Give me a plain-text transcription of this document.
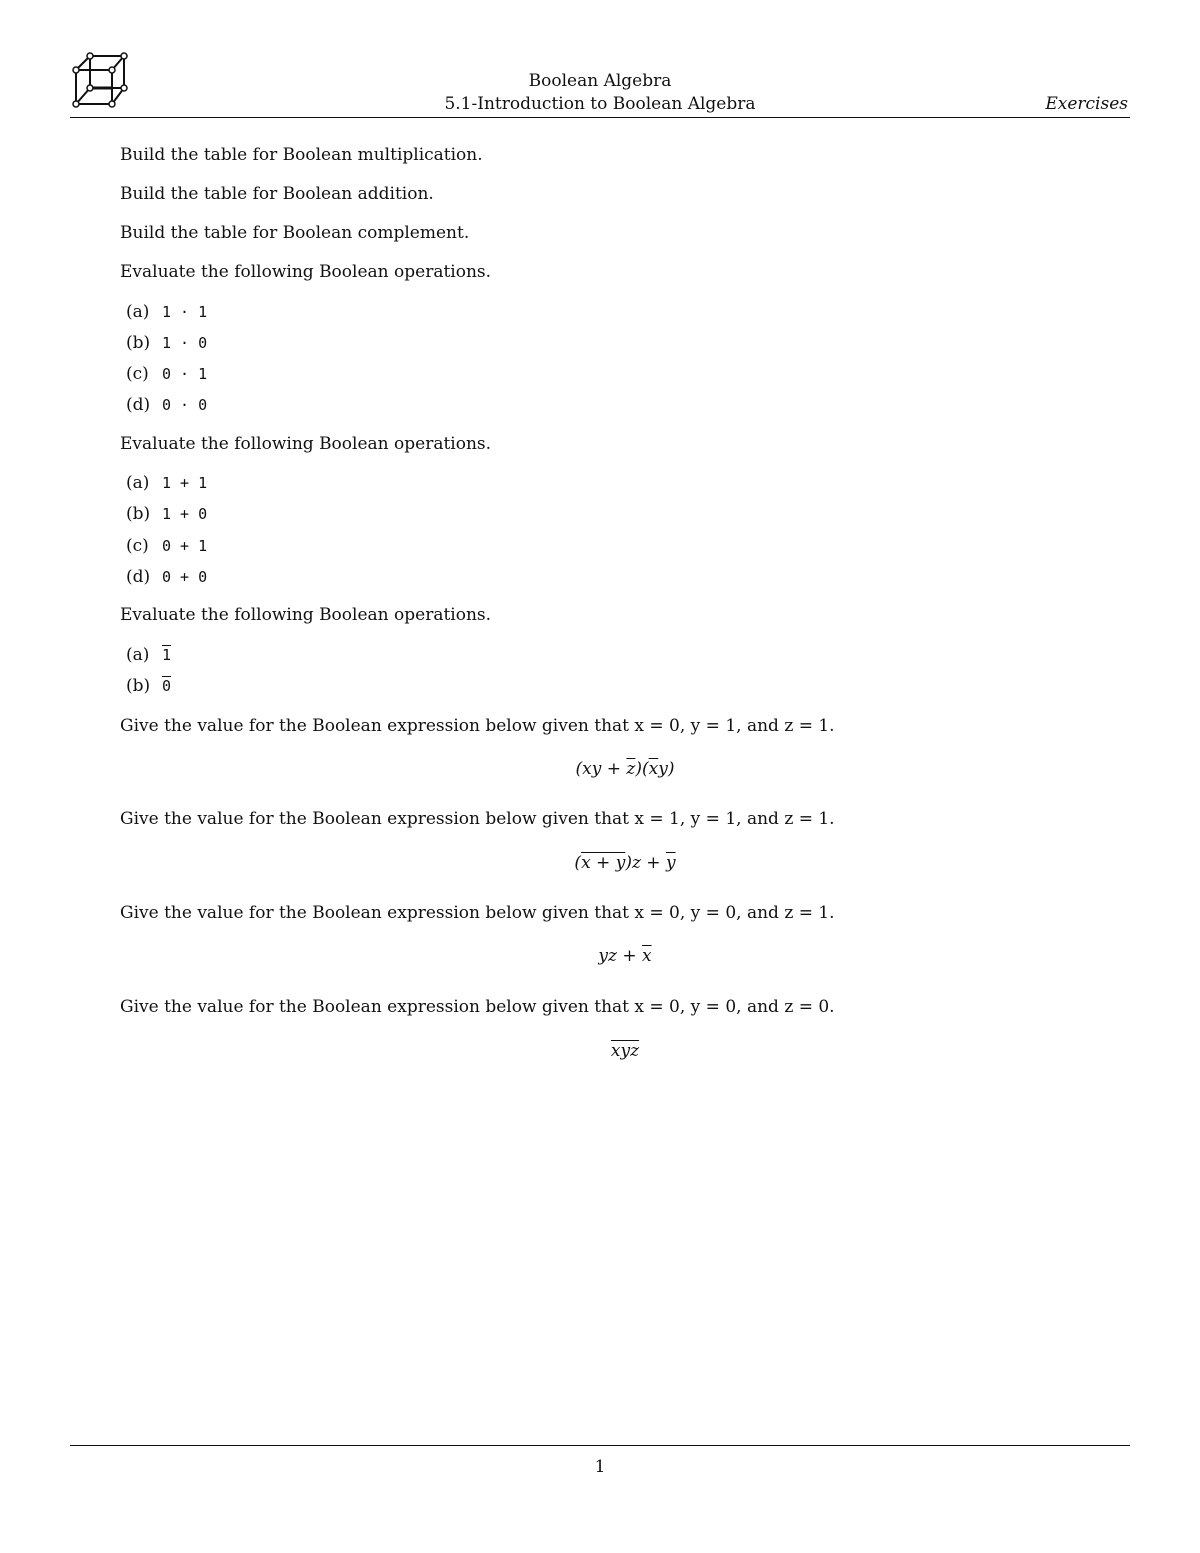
Boolean Algebra
5.1-Introduction to Boolean Algebra	Exercises
Build the table for Boolean multiplication.
Build the table for Boolean addition.
Build the table for Boolean complement.
Evaluate the following Boolean operations.
(a) 1 · 1
(b) 1 · 0
(c) 0 · 1
(d) 0 · 0
Evaluate the following Boolean operations.
(a) 1 + 1
(b) 1 + 0
(c) 0 + 1
(d) 0 + 0
Evaluate the following Boolean operations.
(a) 1
(b) 0
Give the value for the Boolean expression below given that x = 0, y = 1, and z = 1.
$(xy + \overline{z})(\overline{x}y)$
Give the value for the Boolean expression below given that x = 1, y = 1, and z = 1.
$(x + y)z + \overline{y}$
Give the value for the Boolean expression below given that x = 0, y = 0, and z = 1.
yz + $\overline{x}$
Give the value for the Boolean expression below given that x = 0, y = 0, and z = 0.
$\overline{xyz}$
1
